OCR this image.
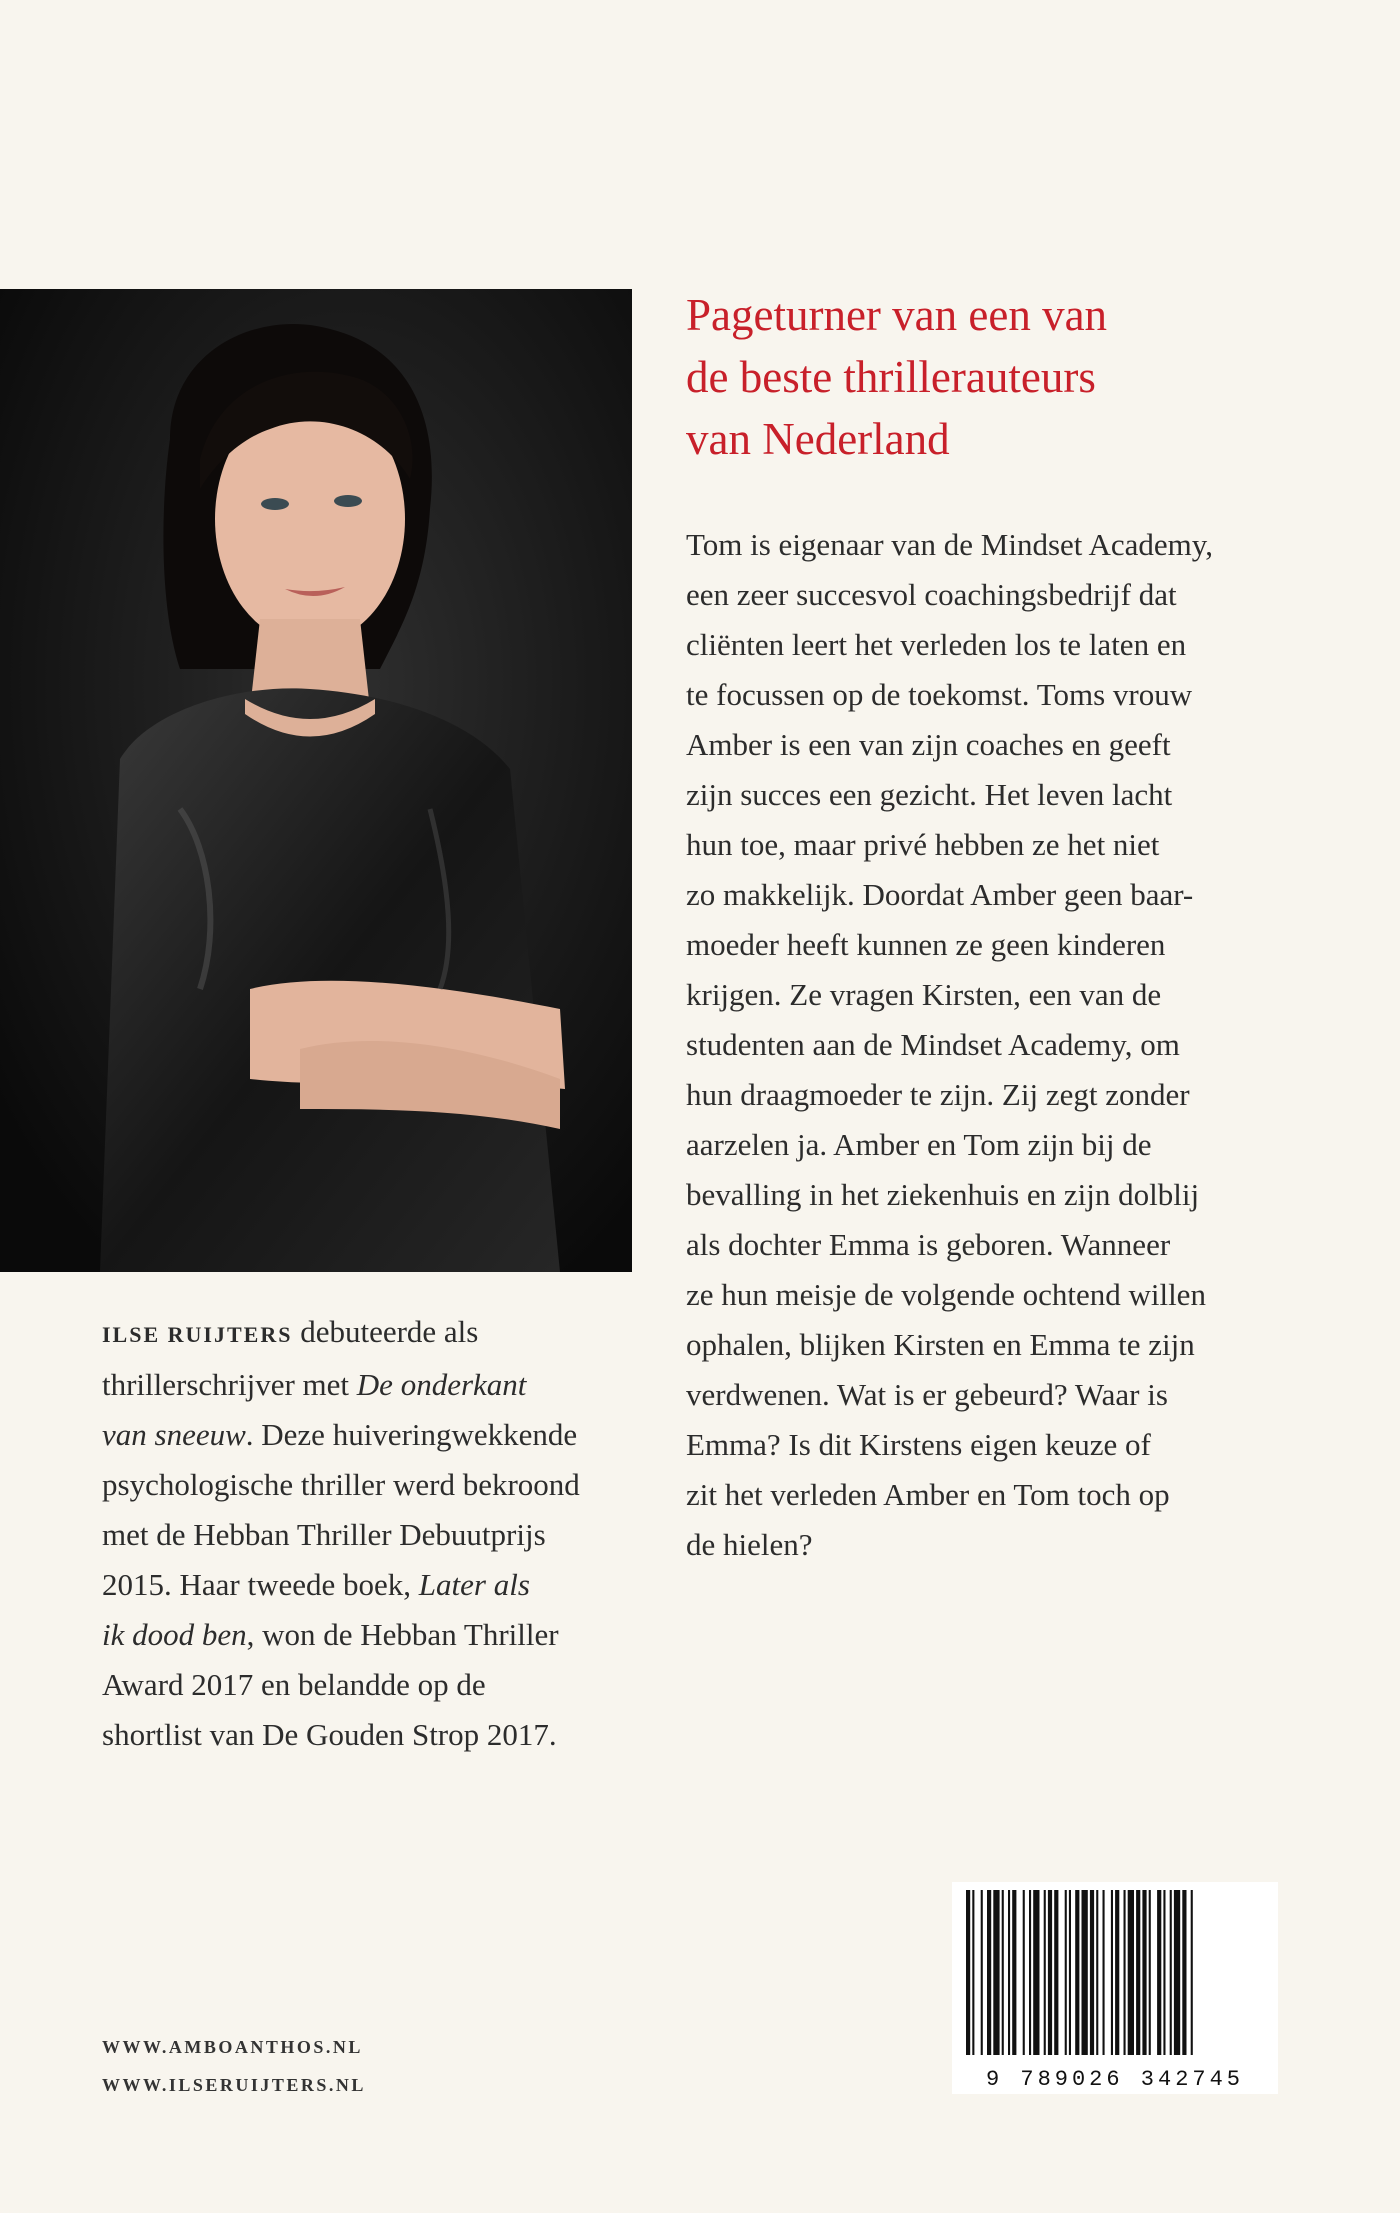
Pageturner van een van
de beste thrillerauteurs
van Nederland
Tom is eigenaar van de Mindset Academy,
een zeer succesvol coachingsbedrijf dat
cliënten leert het verleden los te laten en
te focussen op de toekomst. Toms vrouw
Amber is een van zijn coaches en geeft
zijn succes een gezicht. Het leven lacht
hun toe, maar privé hebben ze het niet
zo makkelijk. Doordat Amber geen baar-
moeder heeft kunnen ze geen kinderen
krijgen. Ze vragen Kirsten, een van de
studenten aan de Mindset Academy, om
hun draagmoeder te zijn. Zij zegt zonder
aarzelen ja. Amber en Tom zijn bij de
bevalling in het ziekenhuis en zijn dolblij
als dochter Emma is geboren. Wanneer
ze hun meisje de volgende ochtend willen
ophalen, blijken Kirsten en Emma te zijn
verdwenen. Wat is er gebeurd? Waar is
Emma? Is dit Kirstens eigen keuze of
zit het verleden Amber en Tom toch op
de hielen?
ILSE RUIJTERS debuteerde als
thrillerschrijver met De onderkant
van sneeuw. Deze huiveringwekkende
psychologische thriller werd bekroond
met de Hebban Thriller Debuutprijs
2015. Haar tweede boek, Later als
ik dood ben, won de Hebban Thriller
Award 2017 en belandde op de
shortlist van De Gouden Strop 2017.
WWW.AMBOANTHOS.NL
WWW.ILSERUIJTERS.NL	9 789026 342745
